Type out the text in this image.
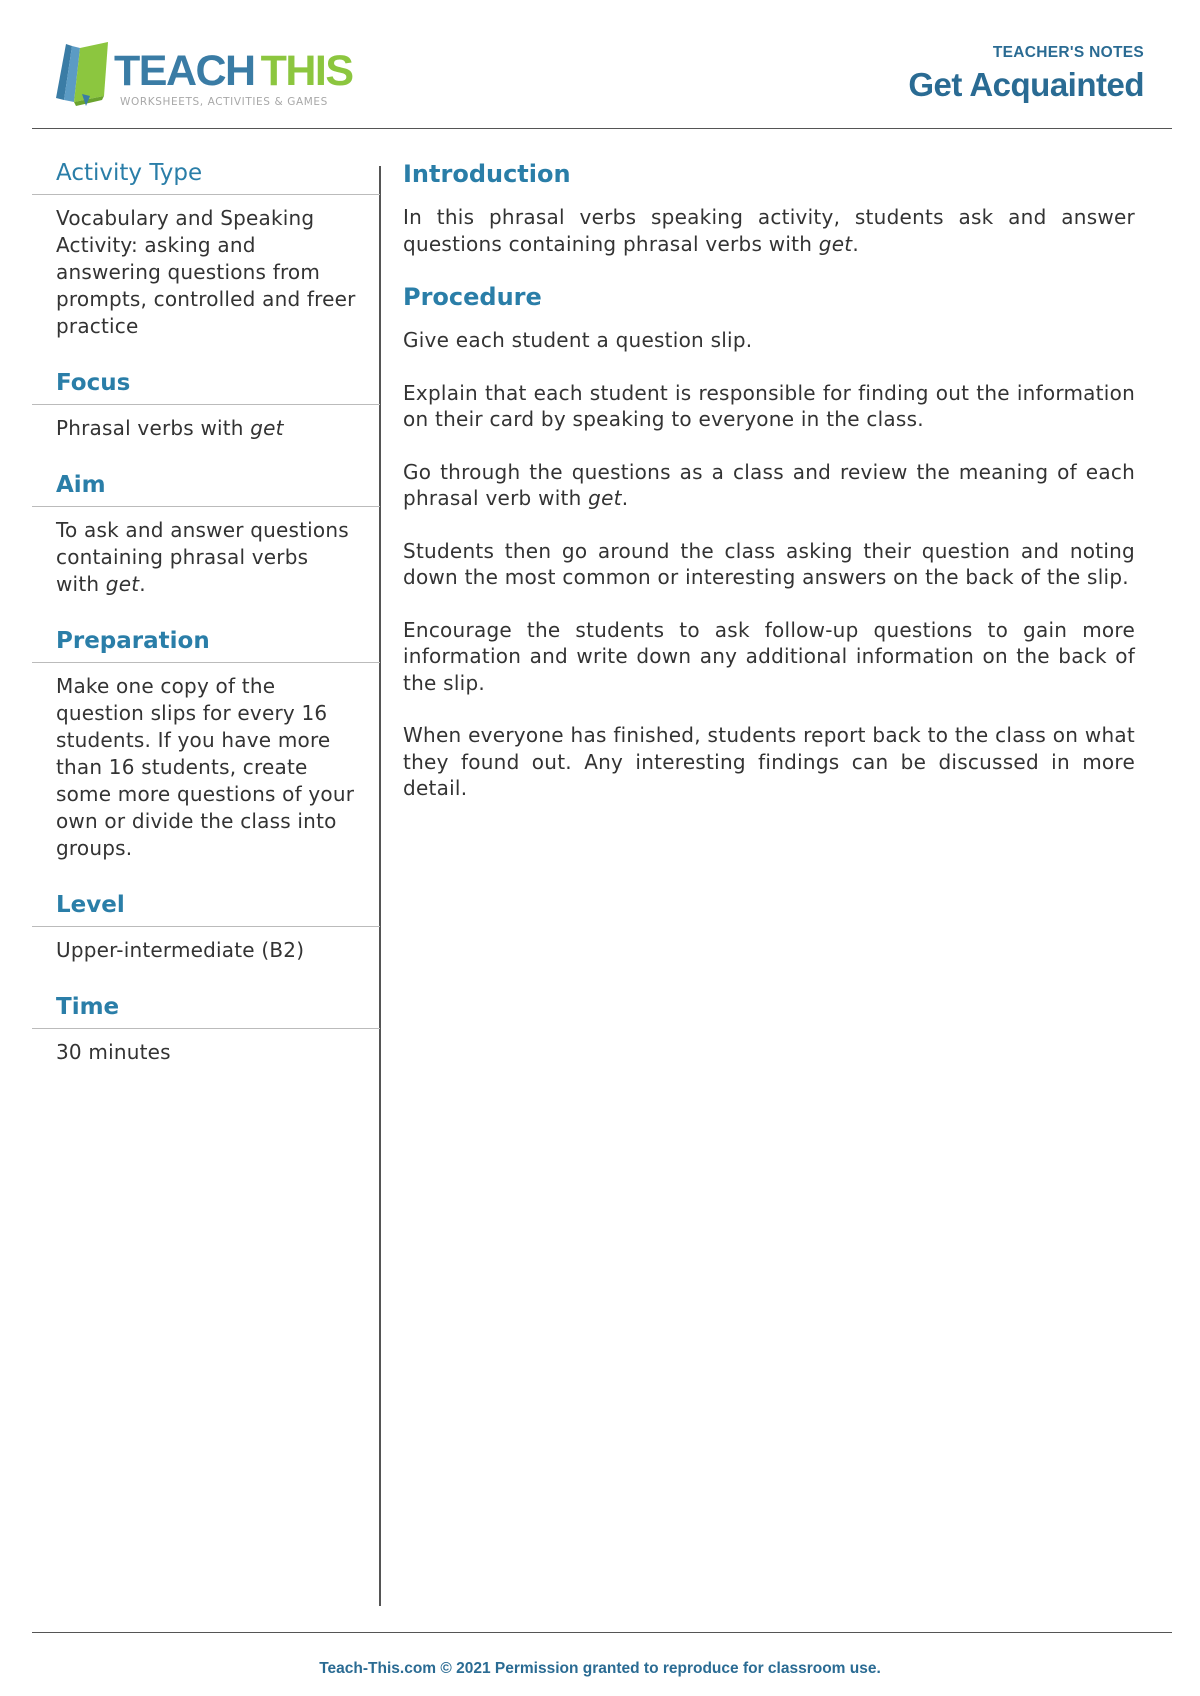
TEACH THIS
WORKSHEETS, ACTIVITIES & GAMES
TEACHER'S NOTES
Get Acquainted
Activity Type
Vocabulary and Speaking Activity: asking and answering questions from prompts, controlled and freer practice
Focus
Phrasal verbs with get
Aim
To ask and answer questions containing phrasal verbs with get.
Preparation
Make one copy of the question slips for every 16 students. If you have more than 16 students, create some more questions of your own or divide the class into groups.
Level
Upper-intermediate (B2)
Time
30 minutes
Introduction

In this phrasal verbs speaking activity, students ask and answer questions containing phrasal verbs with get.

Procedure

Give each student a question slip.

Explain that each student is responsible for finding out the information on their card by speaking to everyone in the class.

Go through the questions as a class and review the meaning of each phrasal verb with get.

Students then go around the class asking their question and noting down the most common or interesting answers on the back of the slip.

Encourage the students to ask follow-up questions to gain more information and write down any additional information on the back of the slip.

When everyone has finished, students report back to the class on what they found out. Any interesting findings can be discussed in more detail.

Teach-This.com © 2021 Permission granted to reproduce for classroom use.
